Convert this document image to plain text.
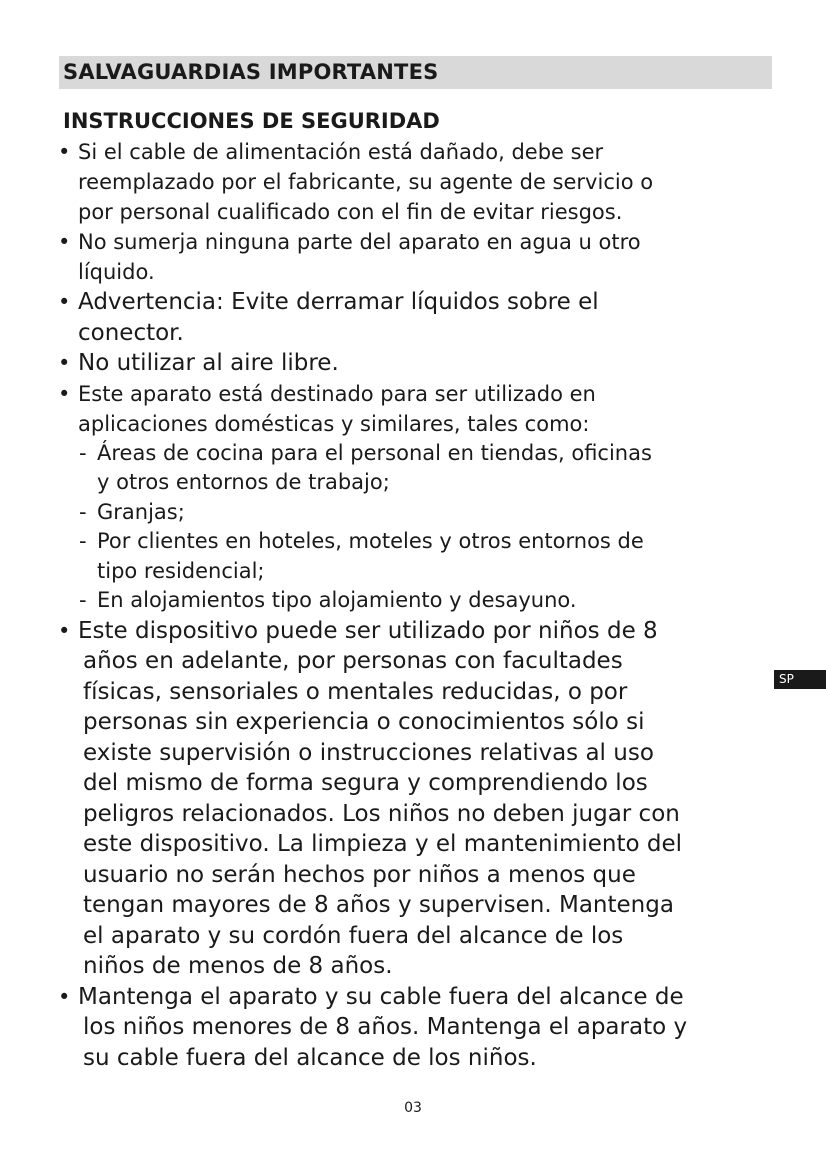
SALVAGUARDIAS IMPORTANTES
INSTRUCCIONES DE SEGURIDAD
• Si el cable de alimentación está dañado, debe ser
reemplazado por el fabricante, su agente de servicio o
por personal cualificado con el fin de evitar riesgos.
• No sumerja ninguna parte del aparato en agua u otro
líquido.
• Advertencia: Evite derramar líquidos sobre el
conector.
• No utilizar al aire libre.
• Este aparato está destinado para ser utilizado en
aplicaciones domésticas y similares, tales como:
- Áreas de cocina para el personal en tiendas, oficinas
y otros entornos de trabajo;
- Granjas;
- Por clientes en hoteles, moteles y otros entornos de
tipo residencial;
- En alojamientos tipo alojamiento y desayuno.
• Este dispositivo puede ser utilizado por niños de 8
años en adelante, por personas con facultades
físicas, sensoriales o mentales reducidas, o por
personas sin experiencia o conocimientos sólo si
existe supervisión o instrucciones relativas al uso
del mismo de forma segura y comprendiendo los
peligros relacionados. Los niños no deben jugar con
este dispositivo. La limpieza y el mantenimiento del
usuario no serán hechos por niños a menos que
tengan mayores de 8 años y supervisen. Mantenga
el aparato y su cordón fuera del alcance de los
niños de menos de 8 años.
• Mantenga el aparato y su cable fuera del alcance de
los niños menores de 8 años. Mantenga el aparato y
su cable fuera del alcance de los niños.
SP
03
